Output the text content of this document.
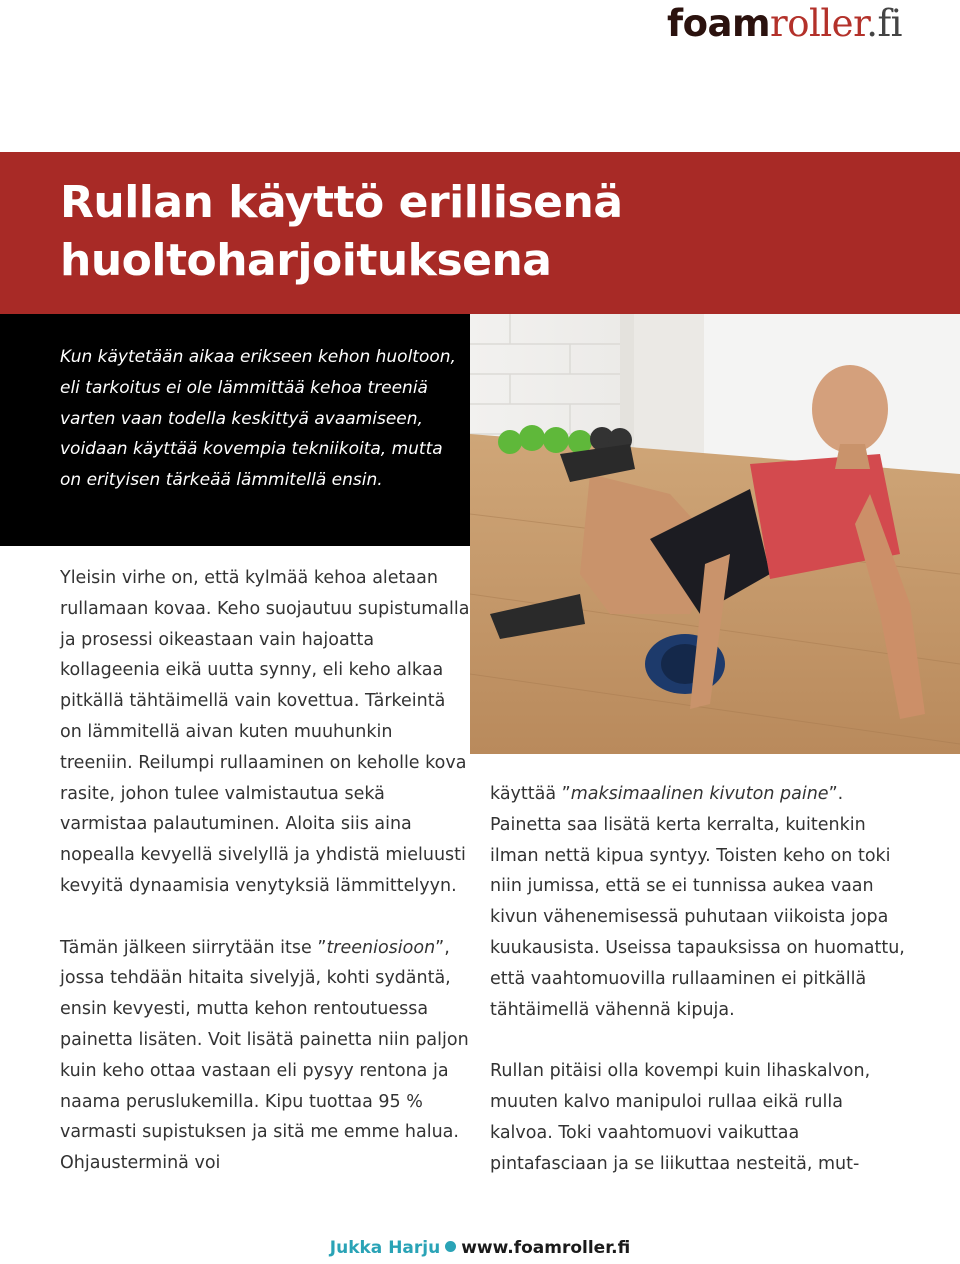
foamroller.fi
Rullan käyttö erillisenä
huoltoharjoituksena

Kun käytetään aikaa erikseen kehon huoltoon, eli tarkoitus ei ole lämmittää kehoa treeniä varten vaan todella keskittyä avaamiseen, voidaan käyttää kovempia tekniikoita, mutta on erityisen tärkeää lämmitellä ensin.

Yleisin virhe on, että kylmää kehoa aletaan rullamaan kovaa. Keho suojautuu supistumalla ja prosessi oikeastaan vain hajoatta kollageenia eikä uutta synny, eli keho alkaa pitkällä tähtäimellä vain kovettua. Tärkeintä on lämmitellä aivan kuten muuhunkin treeniin. Reilumpi rullaaminen on keholle kova rasite, johon tulee valmistautua sekä varmistaa palautuminen. Aloita siis aina nopealla kevyellä sivelyllä ja yhdistä mieluusti kevyitä dynaamisia venytyksiä lämmittelyyn.

Tämän jälkeen siirrytään itse ”treeniosioon”, jossa tehdään hitaita sivelyjä, kohti sydäntä, ensin kevyesti, mutta kehon rentoutuessa painetta lisäten. Voit lisätä painetta niin paljon kuin keho ottaa vastaan eli pysyy rentona ja naama peruslukemilla. Kipu tuottaa 95 % varmasti supistuksen ja sitä me emme halua. Ohjausterminä voi

käyttää ”maksimaalinen kivuton paine”. Painetta saa lisätä kerta kerralta, kuitenkin ilman nettä kipua syntyy. Toisten keho on toki niin jumissa, että se ei tunnissa aukea vaan kivun vähenemisessä puhutaan viikoista jopa kuukausista. Useissa tapauksissa on huomattu, että vaahtomuovilla rullaaminen ei pitkällä tähtäimellä vähennä kipuja.

Rullan pitäisi olla kovempi kuin lihaskalvon, muuten kalvo manipuloi rullaa eikä rulla kalvoa. Toki vaahtomuovi vaikuttaa pintafasciaan ja se liikuttaa nesteitä, mut-

Jukka Harju www.foamroller.fi
